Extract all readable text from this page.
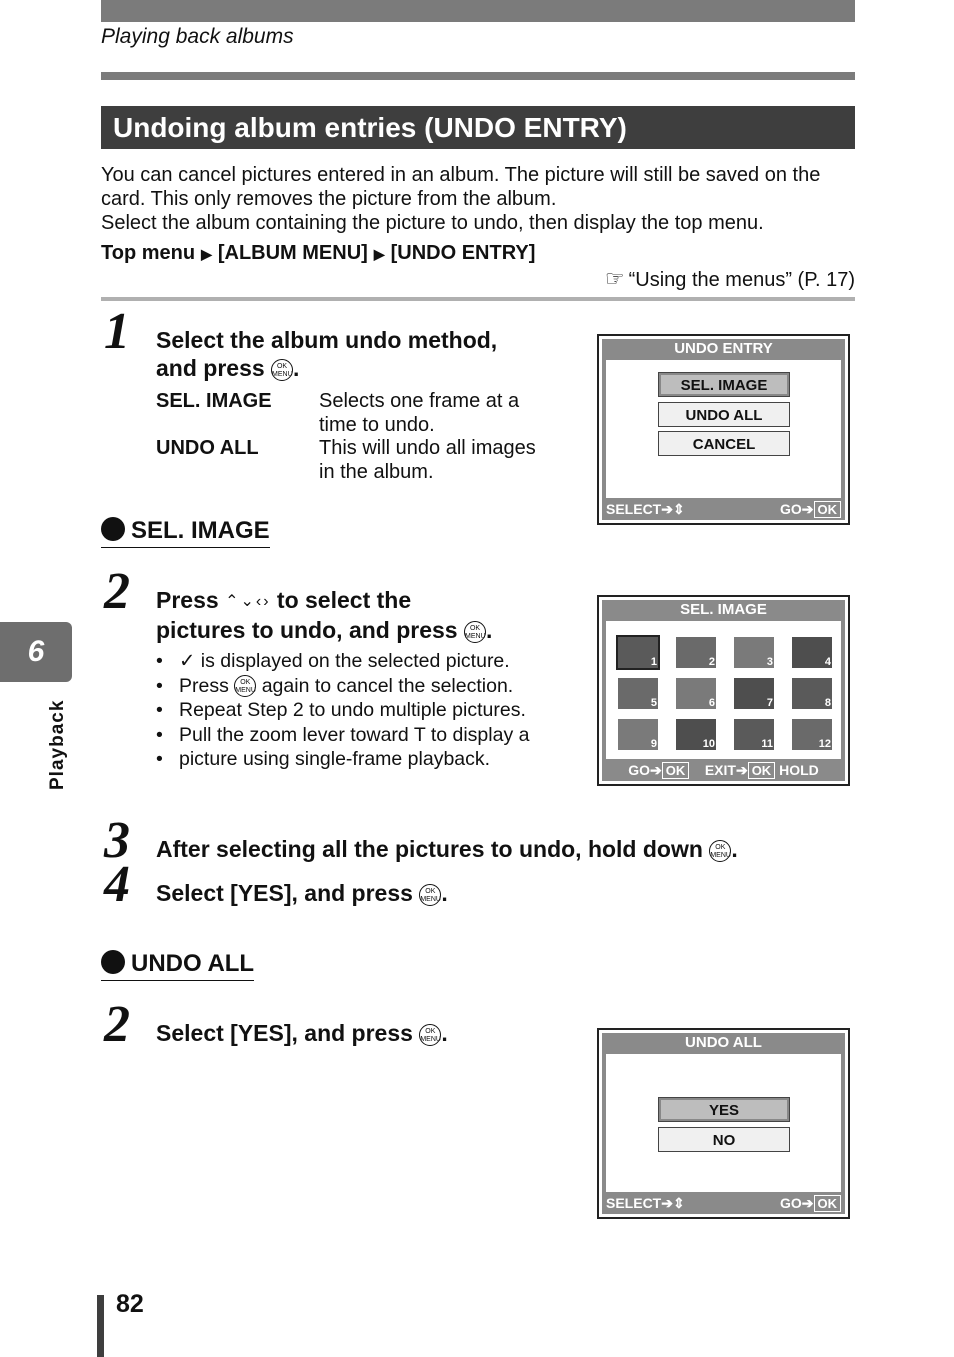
Playing back albums
Undoing album entries (UNDO ENTRY)
You can cancel pictures entered in an album. The picture will still be saved on the
card. This only removes the picture from the album.
Select the album containing the picture to undo, then display the top menu.
Top menu ▶ [ALBUM MENU] ▶ [UNDO ENTRY]
☞ “Using the menus” (P. 17)
1 Select the album undo method,
and press OK
MENU.
SEL. IMAGE Selects one frame at a
time to undo.
UNDO ALL	This will undo all images
in the album.
UNDO ENTRY
SEL. IMAGE
UNDO ALL
CANCEL
SELECT➔⇕	GO➔ OK
SEL. IMAGE
2 Press ⌃⌄‹› to select the
pictures to undo, and press OK
MENU.
• ✓ is displayed on the selected picture.
• Press OK
MENU again to cancel the selection.
• Repeat Step 2 to undo multiple pictures.
• Pull the zoom lever toward T to display a
• picture using single-frame playback.
SEL. IMAGE
1	2	3	4
5	6	7	8
9	10	11	12
GO➔ OK EXIT➔ OK HOLD
3 After selecting all the pictures to undo, hold down OK
MENU.
4 Select [YES], and press OK
MENU.
UNDO ALL
2 Select [YES], and press OK
MENU.	UNDO ALL
YES
NO
SELECT➔⇕	GO➔ OK
6
Playback
82
